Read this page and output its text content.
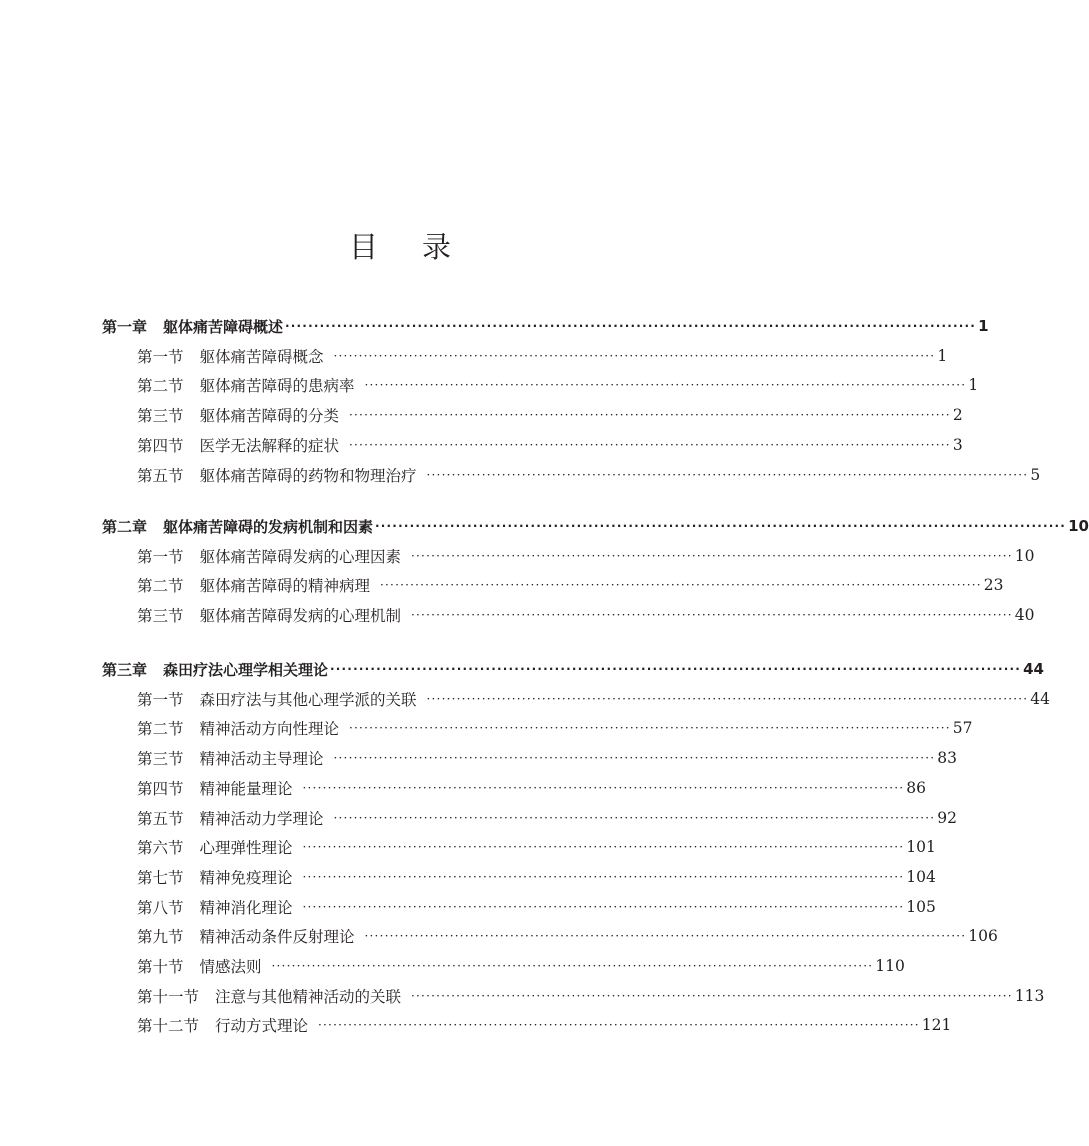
目 录
第一章 躯体痛苦障碍概述 ························································································································ 1
第一节 躯体痛苦障碍概念 ························································································································ 1
第二节 躯体痛苦障碍的患病率 ························································································································ 1
第三节 躯体痛苦障碍的分类 ························································································································ 2
第四节 医学无法解释的症状 ························································································································ 3
第五节 躯体痛苦障碍的药物和物理治疗 ························································································································ 5
第二章 躯体痛苦障碍的发病机制和因素 ························································································································ 10
第一节 躯体痛苦障碍发病的心理因素 ························································································································ 10
第二节 躯体痛苦障碍的精神病理 ························································································································ 23
第三节 躯体痛苦障碍发病的心理机制 ························································································································ 40
第三章 森田疗法心理学相关理论 ························································································································ 44
第一节 森田疗法与其他心理学派的关联 ························································································································ 44
第二节 精神活动方向性理论 ························································································································ 57
第三节 精神活动主导理论 ························································································································ 83
第四节 精神能量理论 ························································································································ 86
第五节 精神活动力学理论 ························································································································ 92
第六节 心理弹性理论 ························································································································ 101
第七节 精神免疫理论 ························································································································ 104
第八节 精神消化理论 ························································································································ 105
第九节 精神活动条件反射理论 ························································································································ 106
第十节 情感法则 ························································································································ 110
第十一节 注意与其他精神活动的关联 ························································································································ 113
第十二节 行动方式理论 ························································································································ 121
